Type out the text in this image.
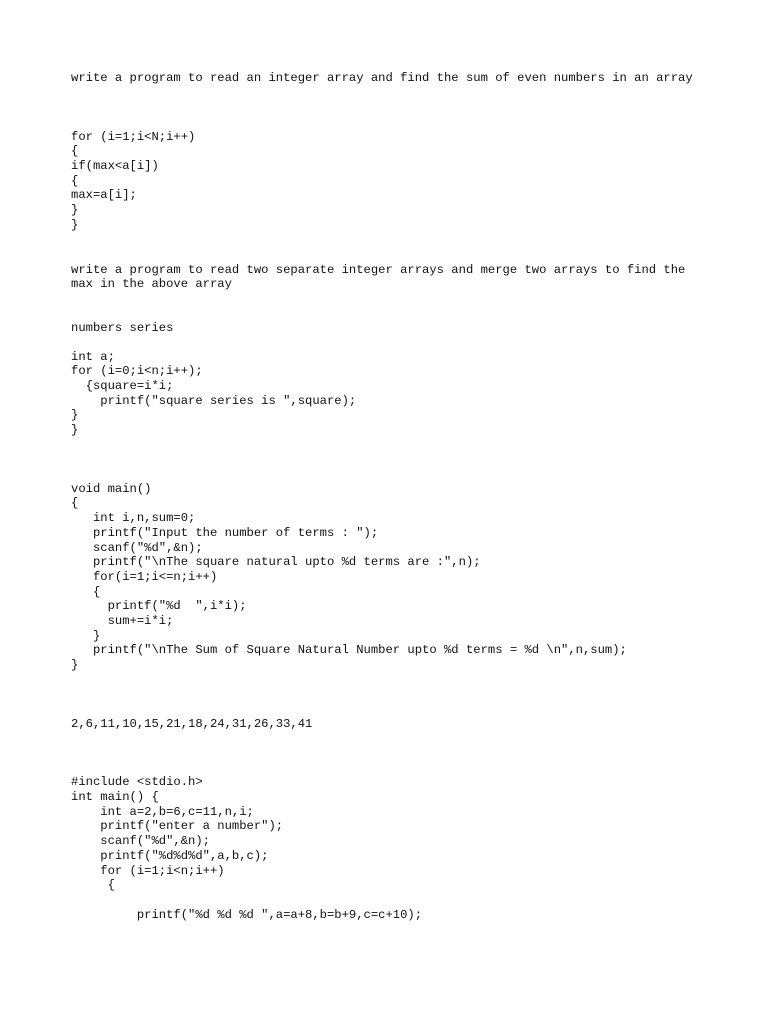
write a program to read an integer array and find the sum of even numbers in an array
for (i=1;i<N;i++)
{
if(max<a[i])
{
max=a[i];
}
}
write a program to read two separate integer arrays and merge two arrays to find the max in the above array
numbers series
int a;
for (i=0;i<n;i++);
{square=i*i;
printf("square series is ",square);
}
}
void main()
{
int i,n,sum=0;
printf("Input the number of terms : ");
scanf("%d",&n);
printf("\nThe square natural upto %d terms are :",n);
for(i=1;i<=n;i++)
{
printf("%d  ",i*i);
sum+=i*i;
}
printf("\nThe Sum of Square Natural Number upto %d terms = %d \n",n,sum);
}
2,6,11,10,15,21,18,24,31,26,33,41
#include <stdio.h>
int main() {
int a=2,b=6,c=11,n,i;
printf("enter a number");
scanf("%d",&n);
printf("%d%d%d",a,b,c);
for (i=1;i<n;i++)
{
printf("%d %d %d ",a=a+8,b=b+9,c=c+10);
